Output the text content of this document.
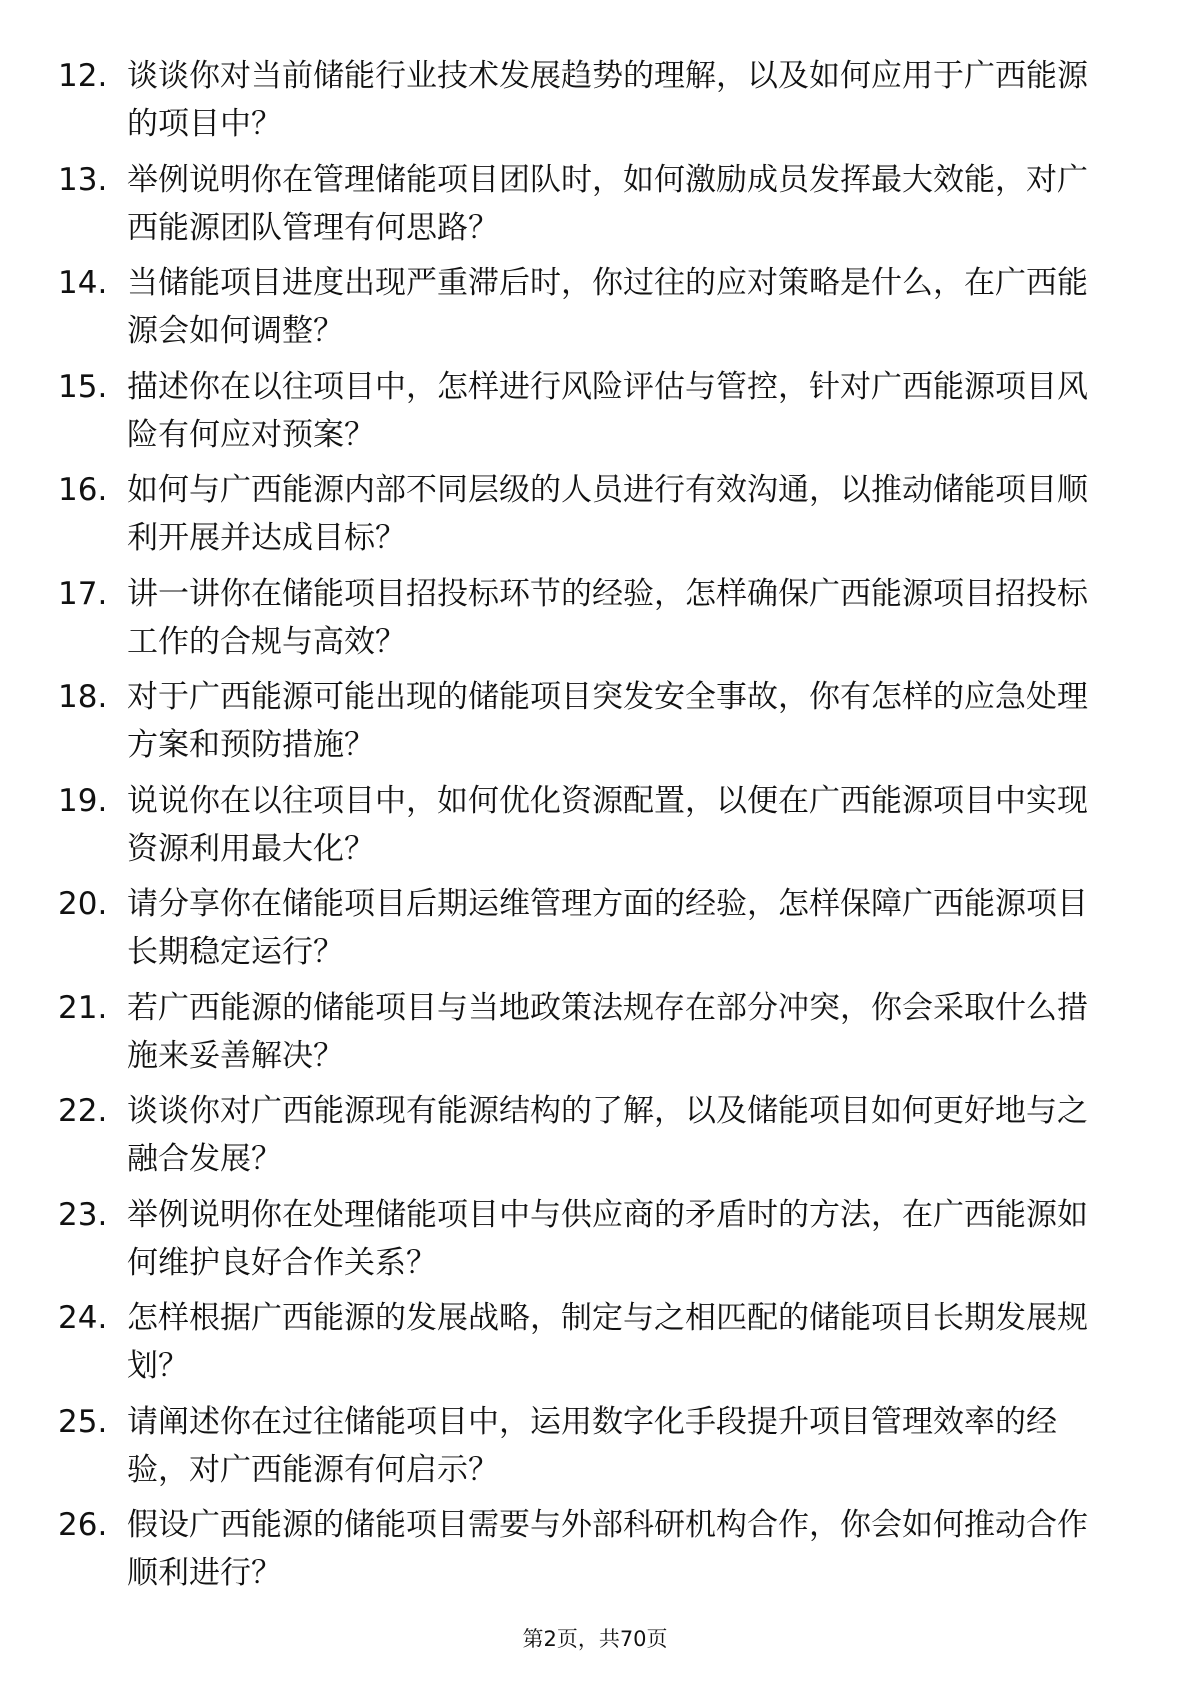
12. 谈谈你对当前储能行业技术发展趋势的理解，以及如何应用于广西能源的项目中？
13. 举例说明你在管理储能项目团队时，如何激励成员发挥最大效能，对广西能源团队管理有何思路？
14. 当储能项目进度出现严重滞后时，你过往的应对策略是什么，在广西能源会如何调整？
15. 描述你在以往项目中，怎样进行风险评估与管控，针对广西能源项目风险有何应对预案？
16. 如何与广西能源内部不同层级的人员进行有效沟通，以推动储能项目顺利开展并达成目标？
17. 讲一讲你在储能项目招投标环节的经验，怎样确保广西能源项目招投标工作的合规与高效？
18. 对于广西能源可能出现的储能项目突发安全事故，你有怎样的应急处理方案和预防措施？
19. 说说你在以往项目中，如何优化资源配置，以便在广西能源项目中实现资源利用最大化？
20. 请分享你在储能项目后期运维管理方面的经验，怎样保障广西能源项目长期稳定运行？
21. 若广西能源的储能项目与当地政策法规存在部分冲突，你会采取什么措施来妥善解决？
22. 谈谈你对广西能源现有能源结构的了解，以及储能项目如何更好地与之融合发展？
23. 举例说明你在处理储能项目中与供应商的矛盾时的方法，在广西能源如何维护良好合作关系？
24. 怎样根据广西能源的发展战略，制定与之相匹配的储能项目长期发展规划？
25. 请阐述你在过往储能项目中，运用数字化手段提升项目管理效率的经验，对广西能源有何启示？
26. 假设广西能源的储能项目需要与外部科研机构合作，你会如何推动合作顺利进行？
第2页，共70页
